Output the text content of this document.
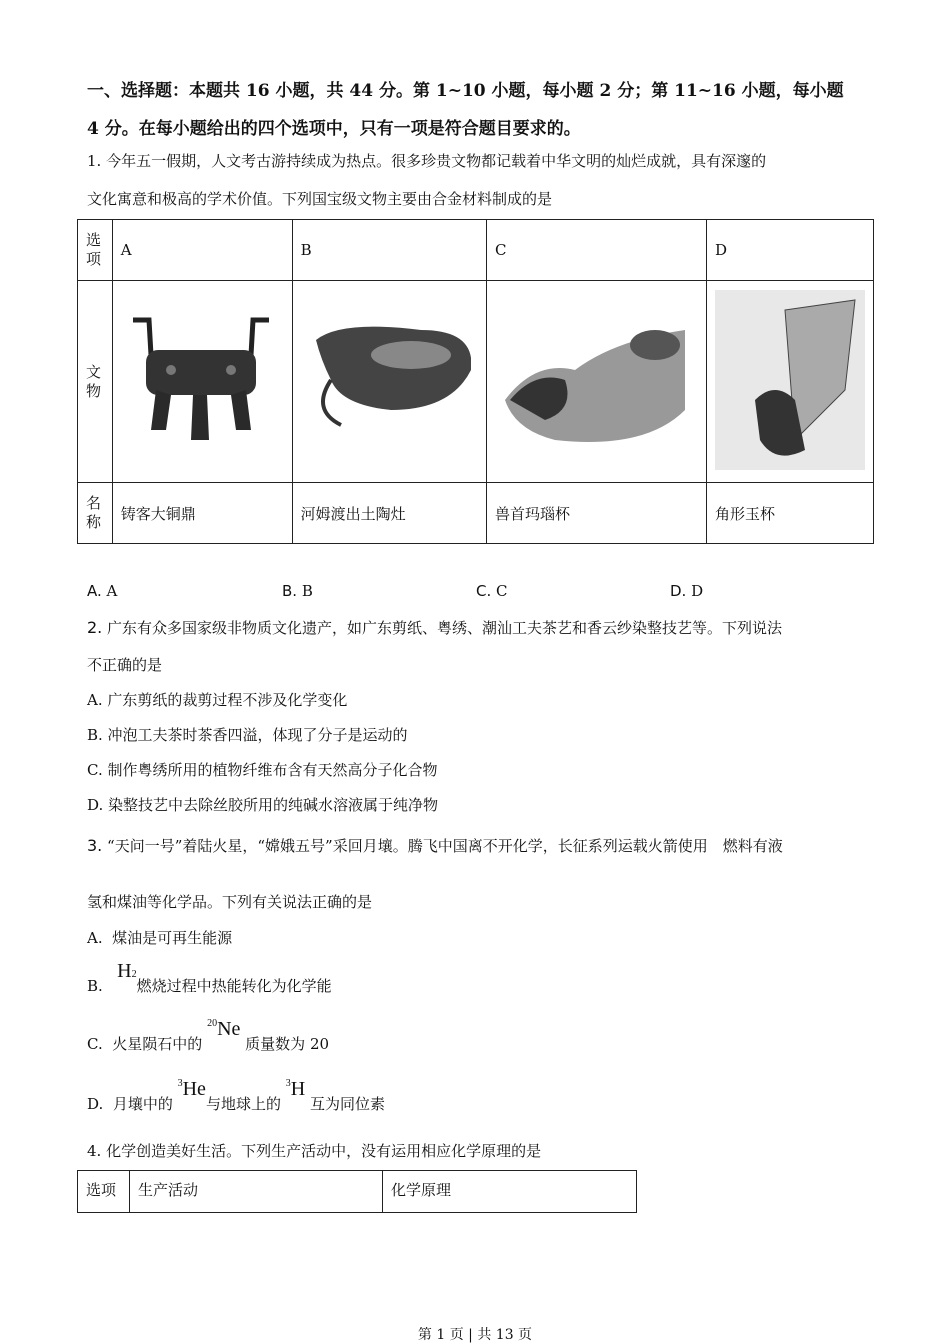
一、选择题：本题共 16 小题，共 44 分。第 1~10 小题，每小题 2 分；第 11~16 小题，每小题
4 分。在每小题给出的四个选项中，只有一项是符合题目要求的。
1. 今年五一假期，人文考古游持续成为热点。很多珍贵文物都记载着中华文明的灿烂成就，具有深邃的
文化寓意和极高的学术价值。下列国宝级文物主要由合金材料制成的是
选项	A	B	C	D
文物				
名称	铸客大铜鼎	河姆渡出土陶灶	兽首玛瑙杯	角形玉杯
A. A	B. B	C. C	D. D
2. 广东有众多国家级非物质文化遗产，如广东剪纸、粤绣、潮汕工夫茶艺和香云纱染整技艺等。下列说法
不正确的是
A. 广东剪纸的裁剪过程不涉及化学变化
B. 冲泡工夫茶时茶香四溢，体现了分子是运动的
C. 制作粤绣所用的植物纤维布含有天然高分子化合物
D. 染整技艺中去除丝胶所用的纯碱水溶液属于纯净物
3. “天问一号”着陆火星，“嫦娥五号”采回月壤。腾飞中国离不开化学，长征系列运载火箭使用　燃料有液
氢和煤油等化学品。下列有关说法正确的是
A. 煤油是可再生能源
B.   H2燃烧过程中热能转化为化学能
C. 火星陨石中的 $^{20}$Ne 质量数为 20
D. 月壤中的 $^3$He与地球上的 $^3$H 互为同位素
4. 化学创造美好生活。下列生产活动中，没有运用相应化学原理的是
选项	生产活动	化学原理
第 1 页 | 共 13 页
